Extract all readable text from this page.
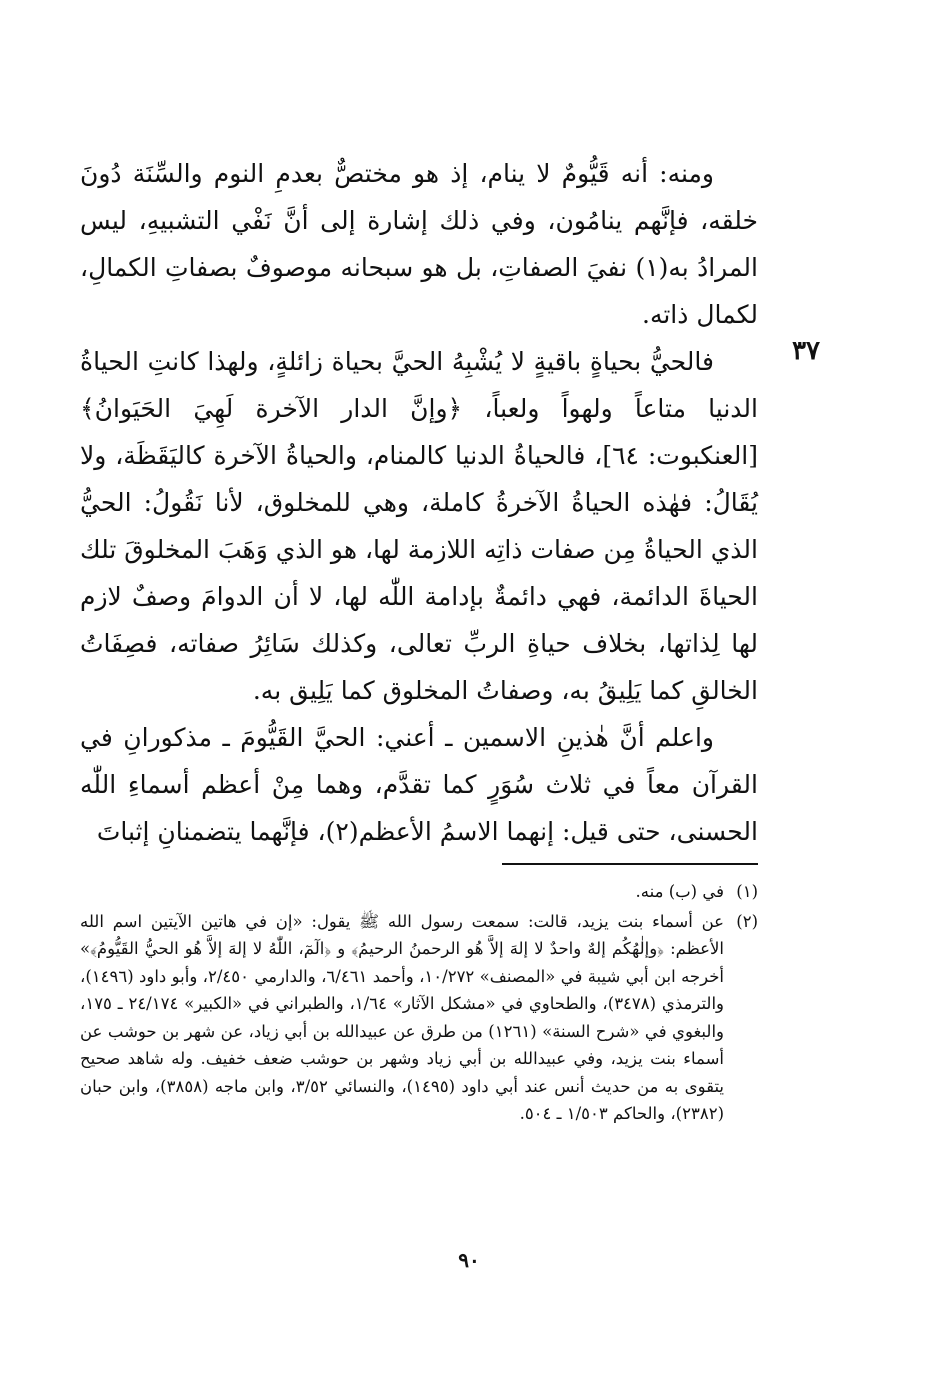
٣٧

ومنه: أنه قَيُّومٌ لا ينام، إذ هو مختصٌّ بعدمِ النوم والسِّنَة دُونَ خلقه، فإنَّهم ينامُون، وفي ذلك إشارة إلى أنَّ نَفْي التشبيهِ، ليس المرادُ به(١) نفيَ الصفاتِ، بل هو سبحانه موصوفٌ بصفاتِ الكمالِ، لكمال ذاته.

فالحيُّ بحياةٍ باقيةٍ لا يُشْبِهُ الحيَّ بحياة زائلةٍ، ولهذا كانتِ الحياةُ الدنيا متاعاً ولهواً ولعباً، ﴿وإنَّ الدار الآخرة لَهِيَ الحَيَوانُ﴾ [العنكبوت: ٦٤]، فالحياةُ الدنيا كالمنام، والحياةُ الآخرة كاليَقَظَة، ولا يُقَالُ: فهٰذه الحياةُ الآخرةُ كاملة، وهي للمخلوق، لأنا نَقُولُ: الحيُّ الذي الحياةُ مِن صفات ذاتِه اللازمة لها، هو الذي وَهَبَ المخلوقَ تلك الحياةَ الدائمة، فهي دائمةٌ بإدامة اللّٰه لها، لا أن الدوامَ وصفٌ لازم لها لِذاتها، بخلاف حياةِ الربِّ تعالى، وكذلك سَائِرُ صفاته، فصِفَاتُ الخالقِ كما يَلِيقُ به، وصفاتُ المخلوق كما يَلِيق به.

واعلم أنَّ هٰذينِ الاسمين ـ أعني: الحيَّ القَيُّومَ ـ مذكورانِ في القرآن معاً في ثلاث سُوَرٍ كما تقدَّم، وهما مِنْ أعظم أسماءِ اللّٰه الحسنى، حتى قيل: إنهما الاسمُ الأعظم(٢)، فإنَّهما يتضمنانِ إثباتَ

(١)
في (ب) منه.
(٢)
عن أسماء بنت يزيد، قالت: سمعت رسول الله ﷺ يقول: «إن في هاتين الآيتين اسم الله الأعظم: ﴿وإلٰهُكُم إلهٌ واحدٌ لا إلهَ إلاَّ هُو الرحمنُ الرحيمُ﴾ و ﴿الٓمٓ، اللّٰهُ لا إلهَ إلاَّ هُو الحيُّ القَيُّومُ﴾» أخرجه ابن أبي شيبة في «المصنف» ١٠/٢٧٢، وأحمد ٦/٤٦١، والدارمي ٢/٤٥٠، وأبو داود (١٤٩٦)، والترمذي (٣٤٧٨)، والطحاوي في «مشكل الآثار» ١/٦٤، والطبراني في «الكبير» ٢٤/١٧٤ ـ ١٧٥، والبغوي في «شرح السنة» (١٢٦١) من طرق عن عبيدالله بن أبي زياد، عن شهر بن حوشب عن أسماء بنت يزيد، وفي عبيدالله بن أبي زياد وشهر بن حوشب ضعف خفيف. وله شاهد صحيح يتقوى به من حديث أنس عند أبي داود (١٤٩٥)، والنسائي ٣/٥٢، وابن ماجه (٣٨٥٨)، وابن حبان (٢٣٨٢)، والحاكم ١/٥٠٣ ـ ٥٠٤.
٩٠
